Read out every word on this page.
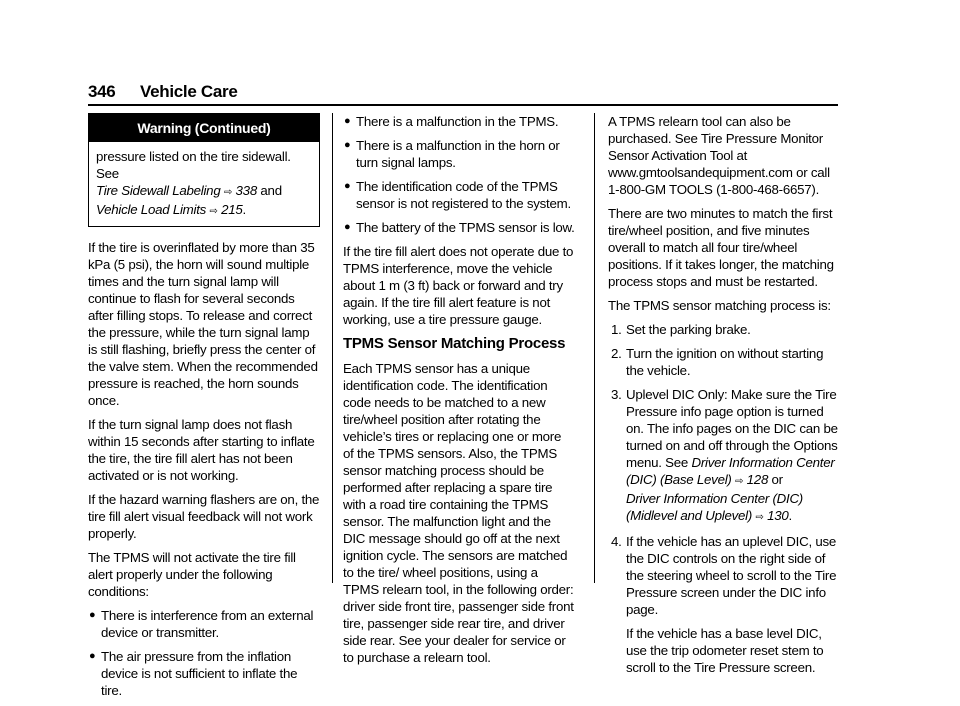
346 Vehicle Care
Warning (Continued)
pressure listed on the tire sidewall. See
Tire Sidewall Labeling ⇨ 338 and
Vehicle Load Limits ⇨ 215.

If the tire is overinflated by more than 35 kPa (5 psi), the horn will sound multiple times and the turn signal lamp will continue to flash for several seconds after filling stops. To release and correct the pressure, while the turn signal lamp is still flashing, briefly press the center of the valve stem. When the recommended pressure is reached, the horn sounds once.

If the turn signal lamp does not flash within 15 seconds after starting to inflate the tire, the tire fill alert has not been activated or is not working.

If the hazard warning flashers are on, the tire fill alert visual feedback will not work properly.

The TPMS will not activate the tire fill alert properly under the following conditions:

● There is interference from an external device or transmitter.
● The air pressure from the inflation device is not sufficient to inflate the tire.
● There is a malfunction in the TPMS.
● There is a malfunction in the horn or turn signal lamps.
● The identification code of the TPMS sensor is not registered to the system.
● The battery of the TPMS sensor is low.

If the tire fill alert does not operate due to TPMS interference, move the vehicle about 1 m (3 ft) back or forward and try again. If the tire fill alert feature is not working, use a tire pressure gauge.

TPMS Sensor Matching Process

Each TPMS sensor has a unique identification code. The identification code needs to be matched to a new tire/wheel position after rotating the vehicle’s tires or replacing one or more of the TPMS sensors. Also, the TPMS sensor matching process should be performed after replacing a spare tire with a road tire containing the TPMS sensor. The malfunction light and the DIC message should go off at the next ignition cycle. The sensors are matched to the tire/ wheel positions, using a TPMS relearn tool, in the following order: driver side front tire, passenger side front tire, passenger side rear tire, and driver side rear. See your dealer for service or to purchase a relearn tool.

A TPMS relearn tool can also be purchased. See Tire Pressure Monitor Sensor Activation Tool at www.gmtoolsandequipment.com or call 1-800-GM TOOLS (1-800-468-6657).

There are two minutes to match the first tire/wheel position, and five minutes overall to match all four tire/wheel positions. If it takes longer, the matching process stops and must be restarted.

The TPMS sensor matching process is:

1. Set the parking brake.
2. Turn the ignition on without starting the vehicle.
3. Uplevel DIC Only: Make sure the Tire Pressure info page option is turned on. The info pages on the DIC can be turned on and off through the Options menu. See Driver Information Center (DIC) (Base Level) ⇨ 128 or
Driver Information Center (DIC) (Midlevel and Uplevel) ⇨ 130.
4. If the vehicle has an uplevel DIC, use the DIC controls on the right side of the steering wheel to scroll to the Tire Pressure screen under the DIC info page.

If the vehicle has a base level DIC, use the trip odometer reset stem to scroll to the Tire Pressure screen.
